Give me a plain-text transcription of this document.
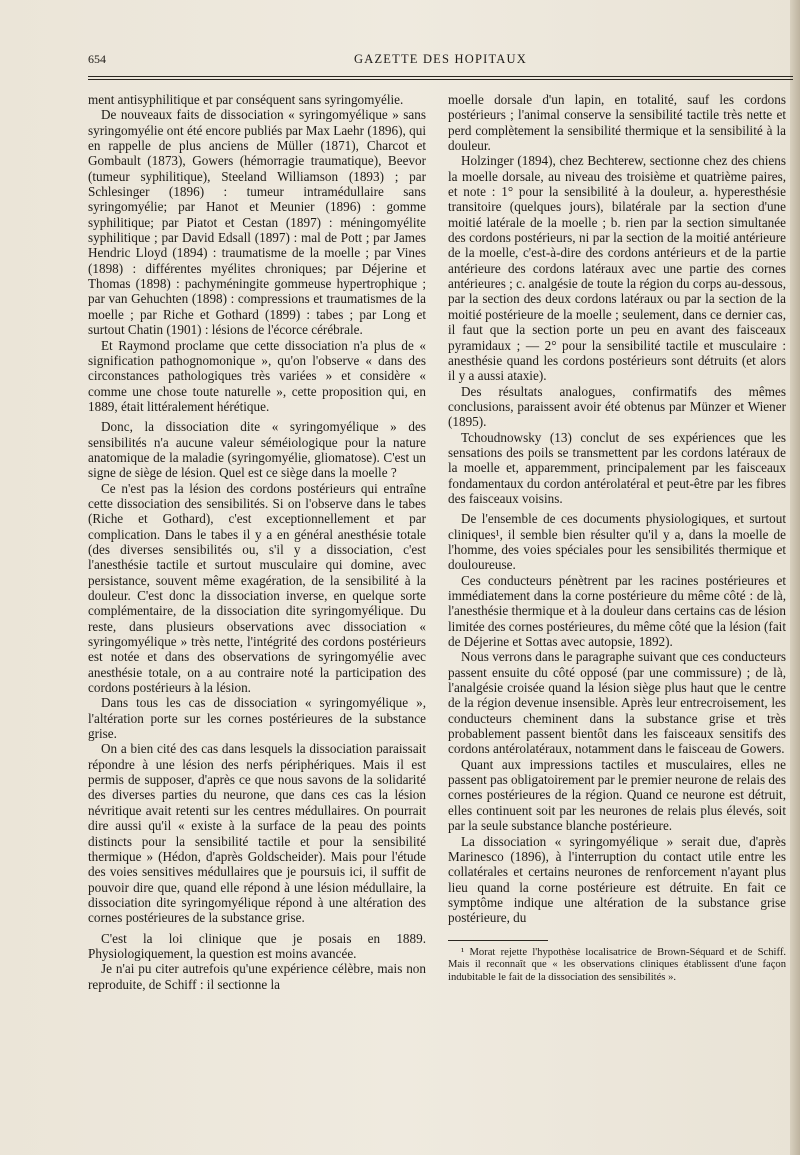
654	GAZETTE DES HOPITAUX

ment antisyphilitique et par conséquent sans syringomyélie.

De nouveaux faits de dissociation « syringomyélique » sans syringomyélie ont été encore publiés par Max Laehr (1896), qui en rappelle de plus anciens de Müller (1871), Charcot et Gombault (1873), Gowers (hémorragie traumatique), Beevor (tumeur syphilitique), Steeland Williamson (1893) ; par Schlesinger (1896) : tumeur intramédullaire sans syringomyélie; par Hanot et Meunier (1896) : gomme syphilitique; par Piatot et Cestan (1897) : méningomyélite syphilitique ; par David Edsall (1897) : mal de Pott ; par James Hendric Lloyd (1894) : traumatisme de la moelle ; par Vines (1898) : différentes myélites chroniques; par Déjerine et Thomas (1898) : pachyméningite gommeuse hypertrophique ; par van Gehuchten (1898) : compressions et traumatismes de la moelle ; par Riche et Gothard (1899) : tabes ; par Long et surtout Chatin (1901) : lésions de l'écorce cérébrale.

Et Raymond proclame que cette dissociation n'a plus de « signification pathognomonique », qu'on l'observe « dans des circonstances pathologiques très variées » et considère « comme une chose toute naturelle », cette proposition qui, en 1889, était littéralement hérétique.

Donc, la dissociation dite « syringomyélique » des sensibilités n'a aucune valeur séméiologique pour la nature anatomique de la maladie (syringomyélie, gliomatose). C'est un signe de siège de lésion. Quel est ce siège dans la moelle ?

Ce n'est pas la lésion des cordons postérieurs qui entraîne cette dissociation des sensibilités. Si on l'observe dans le tabes (Riche et Gothard), c'est exceptionnellement et par complication. Dans le tabes il y a en général anesthésie totale (des diverses sensibilités ou, s'il y a dissociation, c'est l'anesthésie tactile et surtout musculaire qui domine, avec persistance, souvent même exagération, de la sensibilité à la douleur. C'est donc la dissociation inverse, en quelque sorte complémentaire, de la dissociation dite syringomyélique. Du reste, dans plusieurs observations avec dissociation « syringomyélique » très nette, l'intégrité des cordons postérieurs est notée et dans des observations de syringomyélie avec anesthésie totale, on a au contraire noté la participation des cordons postérieurs à la lésion.

Dans tous les cas de dissociation « syringomyélique », l'altération porte sur les cornes postérieures de la substance grise.

On a bien cité des cas dans lesquels la dissociation paraissait répondre à une lésion des nerfs périphériques. Mais il est permis de supposer, d'après ce que nous savons de la solidarité des diverses parties du neurone, que dans ces cas la lésion névritique avait retenti sur les centres médullaires. On pourrait dire aussi qu'il « existe à la surface de la peau des points distincts pour la sensibilité tactile et pour la sensibilité thermique » (Hédon, d'après Goldscheider). Mais pour l'étude des voies sensitives médullaires que je poursuis ici, il suffit de pouvoir dire que, quand elle répond à une lésion médullaire, la dissociation dite syringomyélique répond à une altération des cornes postérieures de la substance grise.

C'est la loi clinique que je posais en 1889. Physiologiquement, la question est moins avancée.

Je n'ai pu citer autrefois qu'une expérience célèbre, mais non reproduite, de Schiff : il sectionne la

moelle dorsale d'un lapin, en totalité, sauf les cordons postérieurs ; l'animal conserve la sensibilité tactile très nette et perd complètement la sensibilité thermique et la sensibilité à la douleur.

Holzinger (1894), chez Bechterew, sectionne chez des chiens la moelle dorsale, au niveau des troisième et quatrième paires, et note : 1° pour la sensibilité à la douleur, a. hyperesthésie transitoire (quelques jours), bilatérale par la section d'une moitié latérale de la moelle ; b. rien par la section simultanée des cordons postérieurs, ni par la section de la moitié antérieure de la moelle, c'est-à-dire des cordons antérieurs et de la partie antérieure des cordons latéraux avec une partie des cornes antérieures ; c. analgésie de toute la région du corps au-dessous, par la section des deux cordons latéraux ou par la section de la moitié postérieure de la moelle ; seulement, dans ce dernier cas, il faut que la section porte un peu en avant des faisceaux pyramidaux ; — 2° pour la sensibilité tactile et musculaire : anesthésie quand les cordons postérieurs sont détruits (et alors il y a aussi ataxie).

Des résultats analogues, confirmatifs des mêmes conclusions, paraissent avoir été obtenus par Münzer et Wiener (1895).

Tchoudnowsky (13) conclut de ses expériences que les sensations des poils se transmettent par les cordons latéraux de la moelle et, apparemment, principalement par les faisceaux fondamentaux du cordon antérolatéral et peut-être par les fibres des faisceaux voisins.

De l'ensemble de ces documents physiologiques, et surtout cliniques¹, il semble bien résulter qu'il y a, dans la moelle de l'homme, des voies spéciales pour les sensibilités thermique et douloureuse.

Ces conducteurs pénètrent par les racines postérieures et immédiatement dans la corne postérieure du même côté : de là, l'anesthésie thermique et à la douleur dans certains cas de lésion limitée des cornes postérieures, du même côté que la lésion (fait de Déjerine et Sottas avec autopsie, 1892).

Nous verrons dans le paragraphe suivant que ces conducteurs passent ensuite du côté opposé (par une commissure) ; de là, l'analgésie croisée quand la lésion siège plus haut que le centre de la région devenue insensible. Après leur entrecroisement, les conducteurs cheminent dans la substance grise et très probablement passent bientôt dans les faisceaux sensitifs des cordons antérolatéraux, notamment dans le faisceau de Gowers.

Quant aux impressions tactiles et musculaires, elles ne passent pas obligatoirement par le premier neurone de relais des cornes postérieures de la région. Quand ce neurone est détruit, elles continuent soit par les neurones de relais plus élevés, soit par la seule substance blanche postérieure.

La dissociation « syringomyélique » serait due, d'après Marinesco (1896), à l'interruption du contact utile entre les collatérales et certains neurones de renforcement n'ayant plus lieu quand la corne postérieure est détruite. En fait ce symptôme indique une altération de la substance grise postérieure, du

¹ Morat rejette l'hypothèse localisatrice de Brown-Séquard et de Schiff. Mais il reconnaît que « les observations cliniques établissent d'une façon indubitable le fait de la dissociation des sensibilités ».
